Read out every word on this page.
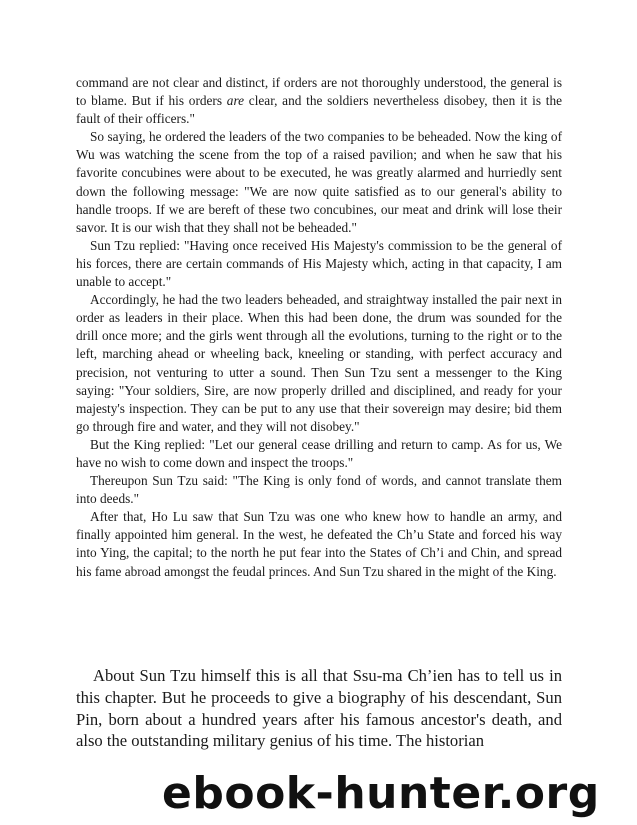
command are not clear and distinct, if orders are not thoroughly understood, the general is to blame. But if his orders are clear, and the soldiers nevertheless disobey, then it is the fault of their officers."

So saying, he ordered the leaders of the two companies to be beheaded. Now the king of Wu was watching the scene from the top of a raised pavilion; and when he saw that his favorite concubines were about to be executed, he was greatly alarmed and hurriedly sent down the following message: "We are now quite satisfied as to our general's ability to handle troops. If we are bereft of these two concubines, our meat and drink will lose their savor. It is our wish that they shall not be beheaded."

Sun Tzu replied: "Having once received His Majesty's commission to be the general of his forces, there are certain commands of His Majesty which, acting in that capacity, I am unable to accept."

Accordingly, he had the two leaders beheaded, and straightway installed the pair next in order as leaders in their place. When this had been done, the drum was sounded for the drill once more; and the girls went through all the evolutions, turning to the right or to the left, marching ahead or wheeling back, kneeling or standing, with perfect accuracy and precision, not venturing to utter a sound. Then Sun Tzu sent a messenger to the King saying: "Your soldiers, Sire, are now properly drilled and disciplined, and ready for your majesty's inspection. They can be put to any use that their sovereign may desire; bid them go through fire and water, and they will not disobey."

But the King replied: "Let our general cease drilling and return to camp. As for us, We have no wish to come down and inspect the troops."

Thereupon Sun Tzu said: "The King is only fond of words, and cannot translate them into deeds."

After that, Ho Lu saw that Sun Tzu was one who knew how to handle an army, and finally appointed him general. In the west, he defeated the Ch’u State and forced his way into Ying, the capital; to the north he put fear into the States of Ch’i and Chin, and spread his fame abroad amongst the feudal princes. And Sun Tzu shared in the might of the King.

About Sun Tzu himself this is all that Ssu-ma Ch’ien has to tell us in this chapter. But he proceeds to give a biography of his descendant, Sun Pin, born about a hundred years after his famous ancestor's death, and also the outstanding military genius of his time. The historian

ebook-hunter.org
